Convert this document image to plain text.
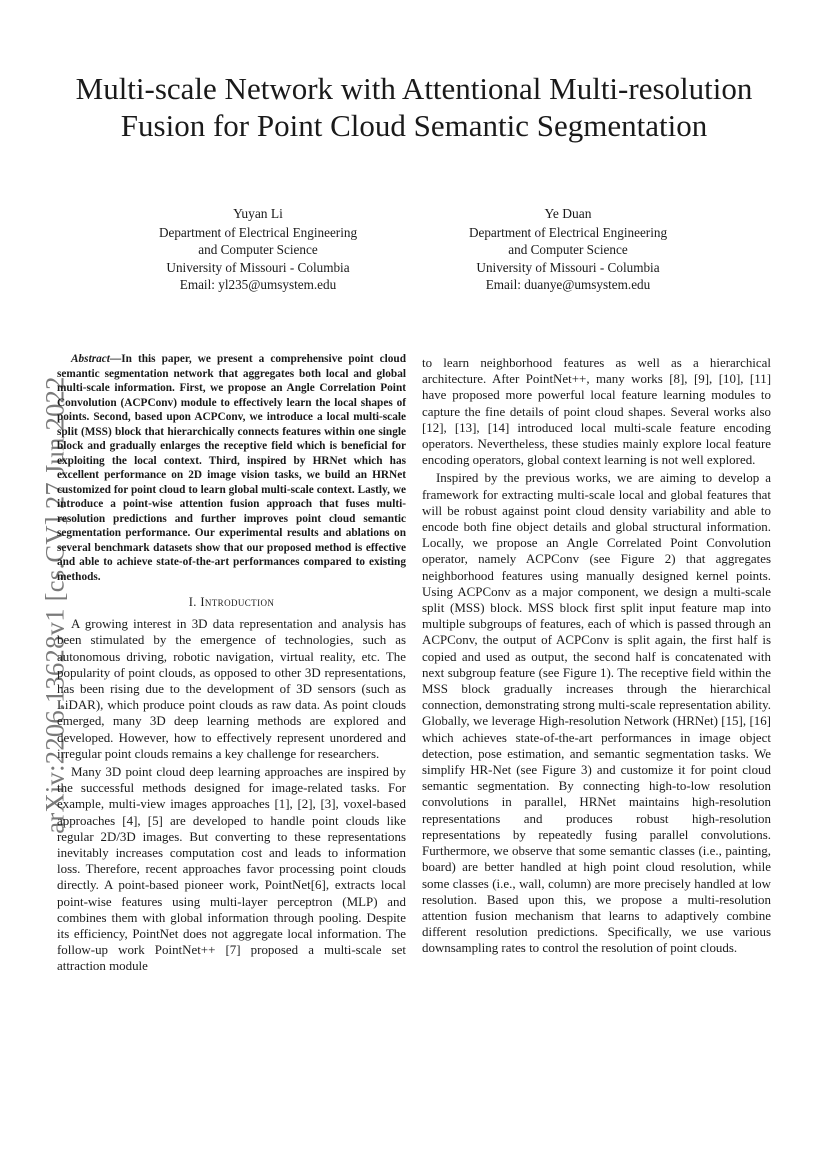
Multi-scale Network with Attentional Multi-resolution Fusion for Point Cloud Semantic Segmentation
Yuyan Li
Department of Electrical Engineering
and Computer Science
University of Missouri - Columbia
Email: yl235@umsystem.edu
Ye Duan
Department of Electrical Engineering
and Computer Science
University of Missouri - Columbia
Email: duanye@umsystem.edu
arXiv:2206.13628v1 [cs.CV] 27 Jun 2022

Abstract—In this paper, we present a comprehensive point cloud semantic segmentation network that aggregates both local and global multi-scale information. First, we propose an Angle Correlation Point Convolution (ACPConv) module to effectively learn the local shapes of points. Second, based upon ACPConv, we introduce a local multi-scale split (MSS) block that hierarchically connects features within one single block and gradually enlarges the receptive field which is beneficial for exploiting the local context. Third, inspired by HRNet which has excellent performance on 2D image vision tasks, we build an HRNet customized for point cloud to learn global multi-scale context. Lastly, we introduce a point-wise attention fusion approach that fuses multi-resolution predictions and further improves point cloud semantic segmentation performance. Our experimental results and ablations on several benchmark datasets show that our proposed method is effective and able to achieve state-of-the-art performances compared to existing methods.

I. Introduction

A growing interest in 3D data representation and analysis has been stimulated by the emergence of technologies, such as autonomous driving, robotic navigation, virtual reality, etc. The popularity of point clouds, as opposed to other 3D representations, has been rising due to the development of 3D sensors (such as LiDAR), which produce point clouds as raw data. As point clouds emerged, many 3D deep learning methods are explored and developed. However, how to effectively represent unordered and irregular point clouds remains a key challenge for researchers.

Many 3D point cloud deep learning approaches are inspired by the successful methods designed for image-related tasks. For example, multi-view images approaches [1], [2], [3], voxel-based approaches [4], [5] are developed to handle point clouds like regular 2D/3D images. But converting to these representations inevitably increases computation cost and leads to information loss. Therefore, recent approaches favor processing point clouds directly. A point-based pioneer work, PointNet[6], extracts local point-wise features using multi-layer perceptron (MLP) and combines them with global information through pooling. Despite its efficiency, PointNet does not aggregate local information. The follow-up work PointNet++ [7] proposed a multi-scale set attraction module

to learn neighborhood features as well as a hierarchical architecture. After PointNet++, many works [8], [9], [10], [11] have proposed more powerful local feature learning modules to capture the fine details of point cloud shapes. Several works also [12], [13], [14] introduced local multi-scale feature encoding operators. Nevertheless, these studies mainly explore local feature encoding operators, global context learning is not well explored.

Inspired by the previous works, we are aiming to develop a framework for extracting multi-scale local and global features that will be robust against point cloud density variability and able to encode both fine object details and global structural information. Locally, we propose an Angle Correlated Point Convolution operator, namely ACPConv (see Figure 2) that aggregates neighborhood features using manually designed kernel points. Using ACPConv as a major component, we design a multi-scale split (MSS) block. MSS block first split input feature map into multiple subgroups of features, each of which is passed through an ACPConv, the output of ACPConv is split again, the first half is copied and used as output, the second half is concatenated with next subgroup feature (see Figure 1). The receptive field within the MSS block gradually increases through the hierarchical connection, demonstrating strong multi-scale representation ability. Globally, we leverage High-resolution Network (HRNet) [15], [16] which achieves state-of-the-art performances in image object detection, pose estimation, and semantic segmentation tasks. We simplify HR-Net (see Figure 3) and customize it for point cloud semantic segmentation. By connecting high-to-low resolution convolutions in parallel, HRNet maintains high-resolution representations and produces robust high-resolution representations by repeatedly fusing parallel convolutions. Furthermore, we observe that some semantic classes (i.e., painting, board) are better handled at high point cloud resolution, while some classes (i.e., wall, column) are more precisely handled at low resolution. Based upon this, we propose a multi-resolution attention fusion mechanism that learns to adaptively combine different resolution predictions. Specifically, we use various downsampling rates to control the resolution of point clouds.
